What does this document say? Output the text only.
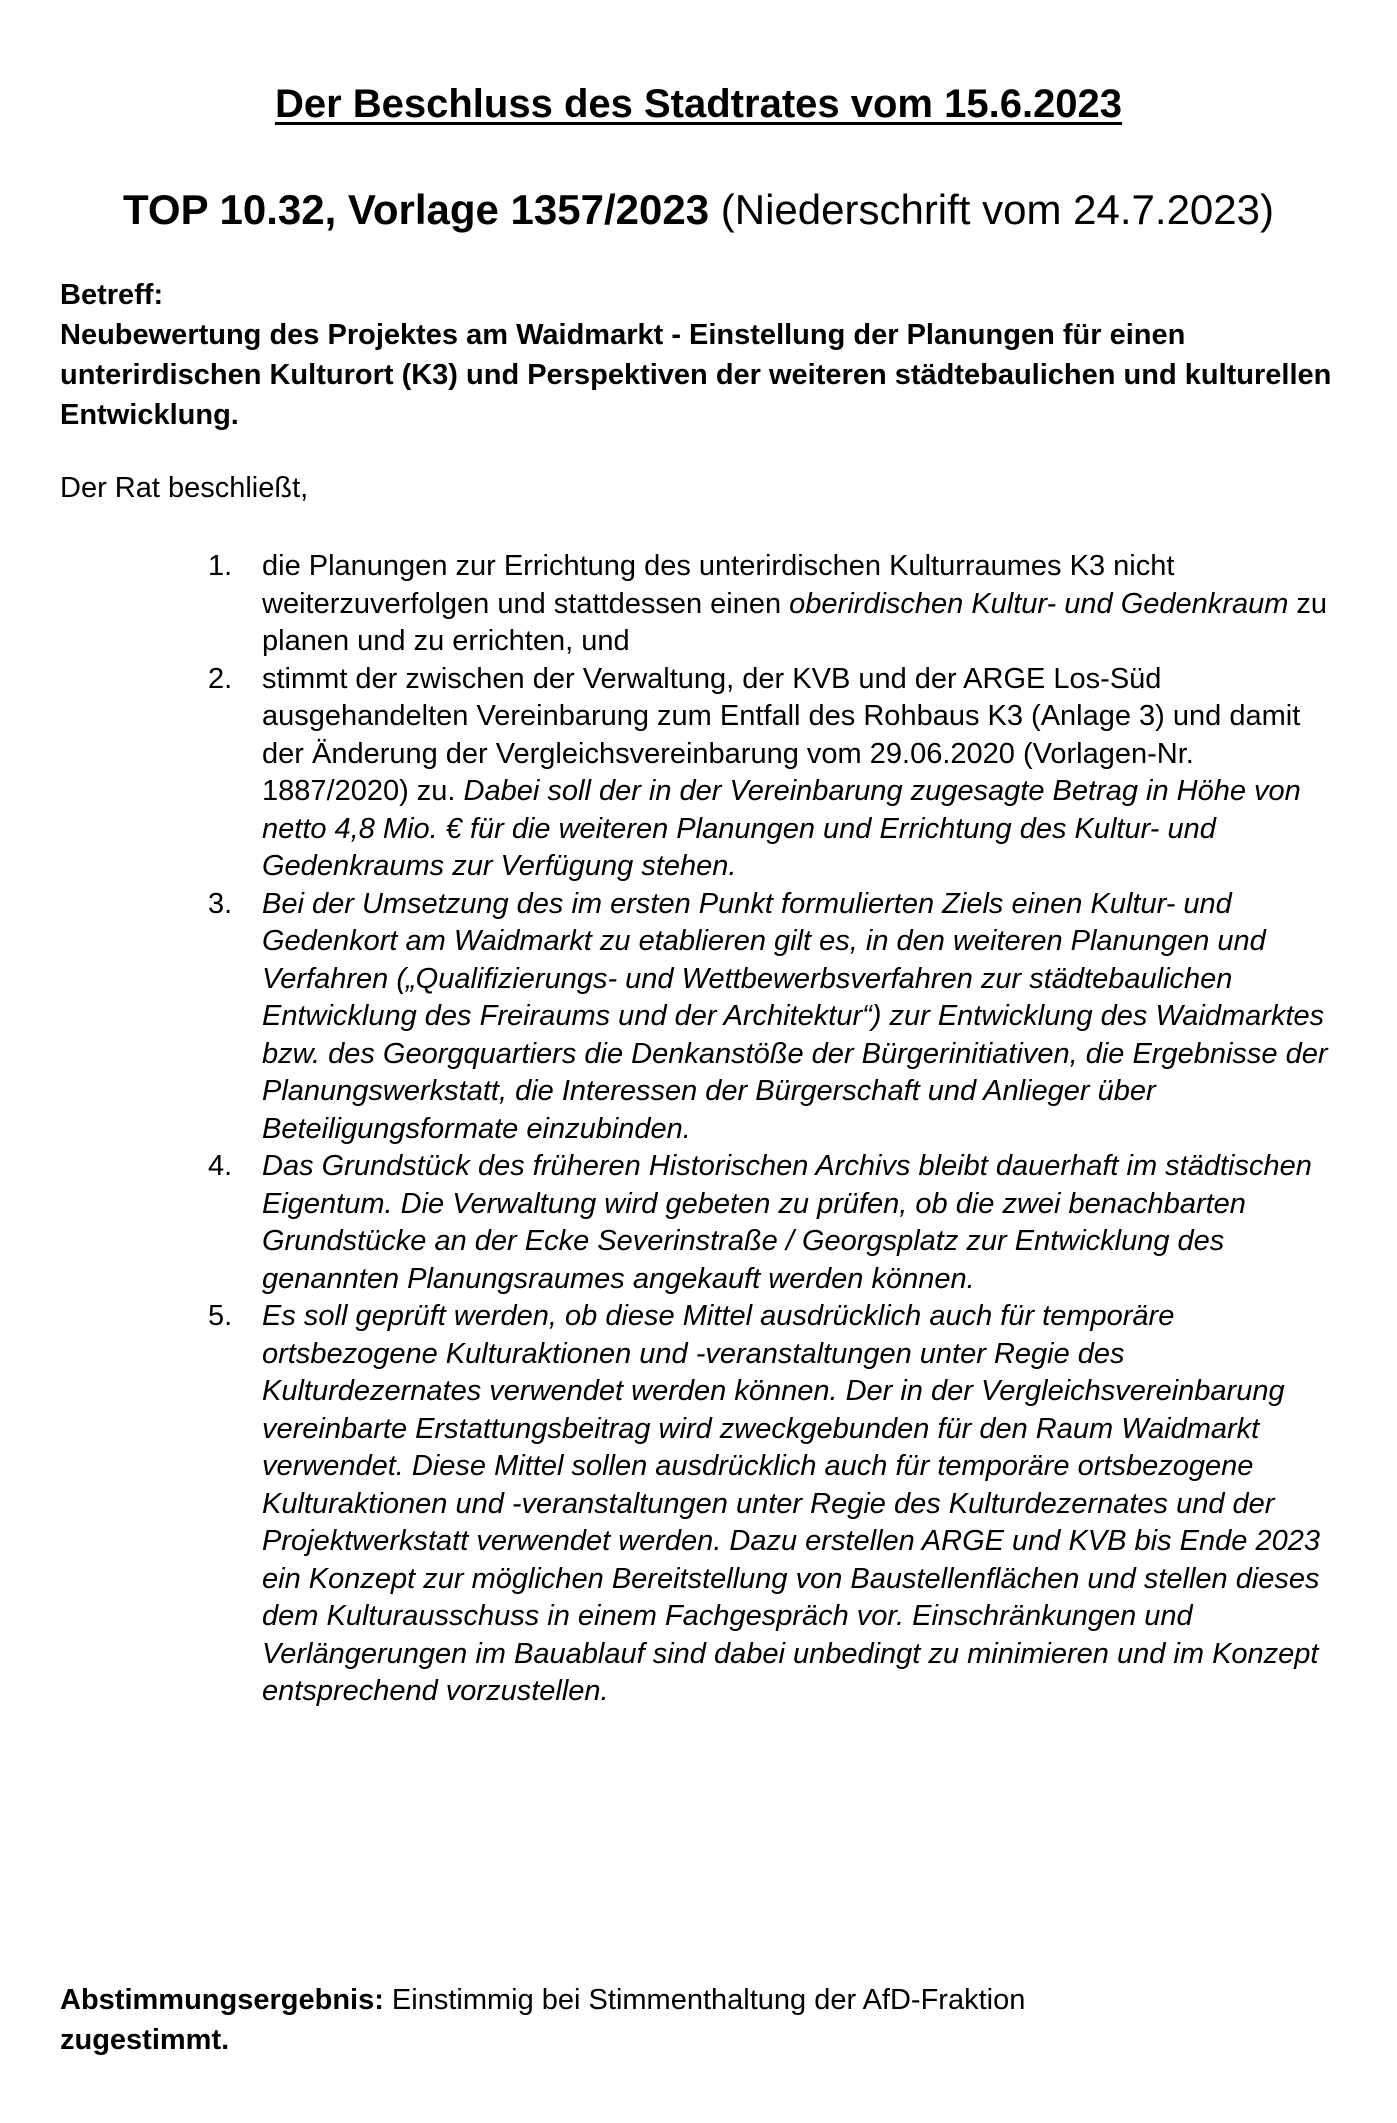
Der Beschluss des Stadtrates vom 15.6.2023
TOP 10.32, Vorlage 1357/2023 (Niederschrift vom 24.7.2023)
Betreff:
Neubewertung des Projektes am Waidmarkt - Einstellung der Planungen für einen unterirdischen Kulturort (K3) und Perspektiven der weiteren städtebaulichen und kulturellen Entwicklung.
Der Rat beschließt,
1. die Planungen zur Errichtung des unterirdischen Kulturraumes K3 nicht weiterzuverfolgen und stattdessen einen oberirdischen Kultur- und Gedenkraum zu planen und zu errichten, und
2. stimmt der zwischen der Verwaltung, der KVB und der ARGE Los-Süd ausgehandelten Vereinbarung zum Entfall des Rohbaus K3 (Anlage 3) und damit der Änderung der Vergleichsvereinbarung vom 29.06.2020 (Vorlagen-Nr. 1887/2020) zu. Dabei soll der in der Vereinbarung zugesagte Betrag in Höhe von netto 4,8 Mio. € für die weiteren Planungen und Errichtung des Kultur- und Gedenkraums zur Verfügung stehen.
3. Bei der Umsetzung des im ersten Punkt formulierten Ziels einen Kultur- und Gedenkort am Waidmarkt zu etablieren gilt es, in den weiteren Planungen und Verfahren („Qualifizierungs- und Wettbewerbsverfahren zur städtebaulichen Entwicklung des Freiraums und der Architektur“) zur Entwicklung des Waidmarktes bzw. des Georgquartiers die Denkanstöße der Bürgerinitiativen, die Ergebnisse der Planungswerkstatt, die Interessen der Bürgerschaft und Anlieger über Beteiligungsformate einzubinden.
4. Das Grundstück des früheren Historischen Archivs bleibt dauerhaft im städtischen Eigentum. Die Verwaltung wird gebeten zu prüfen, ob die zwei benachbarten Grundstücke an der Ecke Severinstraße / Georgsplatz zur Entwicklung des genannten Planungsraumes angekauft werden können.
5. Es soll geprüft werden, ob diese Mittel ausdrücklich auch für temporäre ortsbezogene Kulturaktionen und -veranstaltungen unter Regie des Kulturdezernates verwendet werden können. Der in der Vergleichsvereinbarung vereinbarte Erstattungsbeitrag wird zweckgebunden für den Raum Waidmarkt verwendet. Diese Mittel sollen ausdrücklich auch für temporäre ortsbezogene Kulturaktionen und -veranstaltungen unter Regie des Kulturdezernates und der Projektwerkstatt verwendet werden. Dazu erstellen ARGE und KVB bis Ende 2023 ein Konzept zur möglichen Bereitstellung von Baustellenflächen und stellen dieses dem Kulturausschuss in einem Fachgespräch vor. Einschränkungen und Verlängerungen im Bauablauf sind dabei unbedingt zu minimieren und im Konzept entsprechend vorzustellen.
Abstimmungsergebnis: Einstimmig bei Stimmenthaltung der AfD-Fraktion
zugestimmt.
